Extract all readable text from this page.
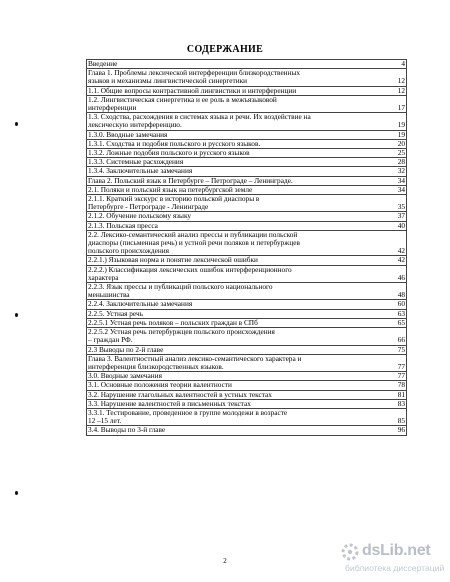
СОДЕРЖАНИЕ
Введение	4
Глава 1. Проблемы лексической интерференции близкородственных
языков и механизмы лингвистической синергетики	12
1.1. Общие вопросы контрастивной лингвистики и интерференции	12
1.2. Лингвистическая синергетика и ее роль в межъязыковой
интерференции	17
1.3. Сходства, расхождения в системах языка и речи. Их воздействие на
лексическую интерференцию.	19
1.3.0. Вводные замечания	19
1.3.1. Сходства и подобия польского и русского языков.	20
1.3.2. Ложные подобия польского и русского языков	25
1.3.3. Системные расхождения	28
1.3.4. Заключительные замечания	32
Глава 2. Польский язык в Петербурге – Петрограде – Ленинграде.	34
2.1. Поляки и польский язык на петербургской земле	34
2.1.1. Краткий экскурс в историю польской диаспоры в
Петербурге - Петрограде - Ленинграде	35
2.1.2. Обучение польскому языку	37
2.1.3. Польская пресса	40
2.2. Лексико-семантический анализ прессы и публикации польской
диаспоры (письменная речь) и устной речи поляков и петербуржцев
польского происхождения	42
2.2.1.) Языковая норма и понятие лексической ошибки	42
2.2.2.) Классификация лексических ошибок интерференционного
характера	46
2.2.3. Язык прессы и публикаций польского национального
меньшинства	48
2.2.4. Заключительные замечания	60
2.2.5. Устная речь	63
2.2.5.1 Устная речь поляков – польских граждан в СПб	65
2.2.5.2 Устная речь петербуржцев польского происхождения
– граждан РФ.	66
2.3 Выводы по 2-й главе	75
Глава 3. Валентностный анализ лексико-семантического характера и
интерференция близкородственных языков.	77
3.0. Вводные замечания	77
3.1. Основные положения теории валентности	78
3.2. Нарушение глагольных валентностей в устных текстах	81
3.3. Нарушение валентностей в письменных текстах	83
3.3.1. Тестирование, проведенное в группе молодежи в возрасте
12 –15 лет.	85
3.4. Выводы по 3-й главе	96
2
dsLib.net
библиотека диссертаций
